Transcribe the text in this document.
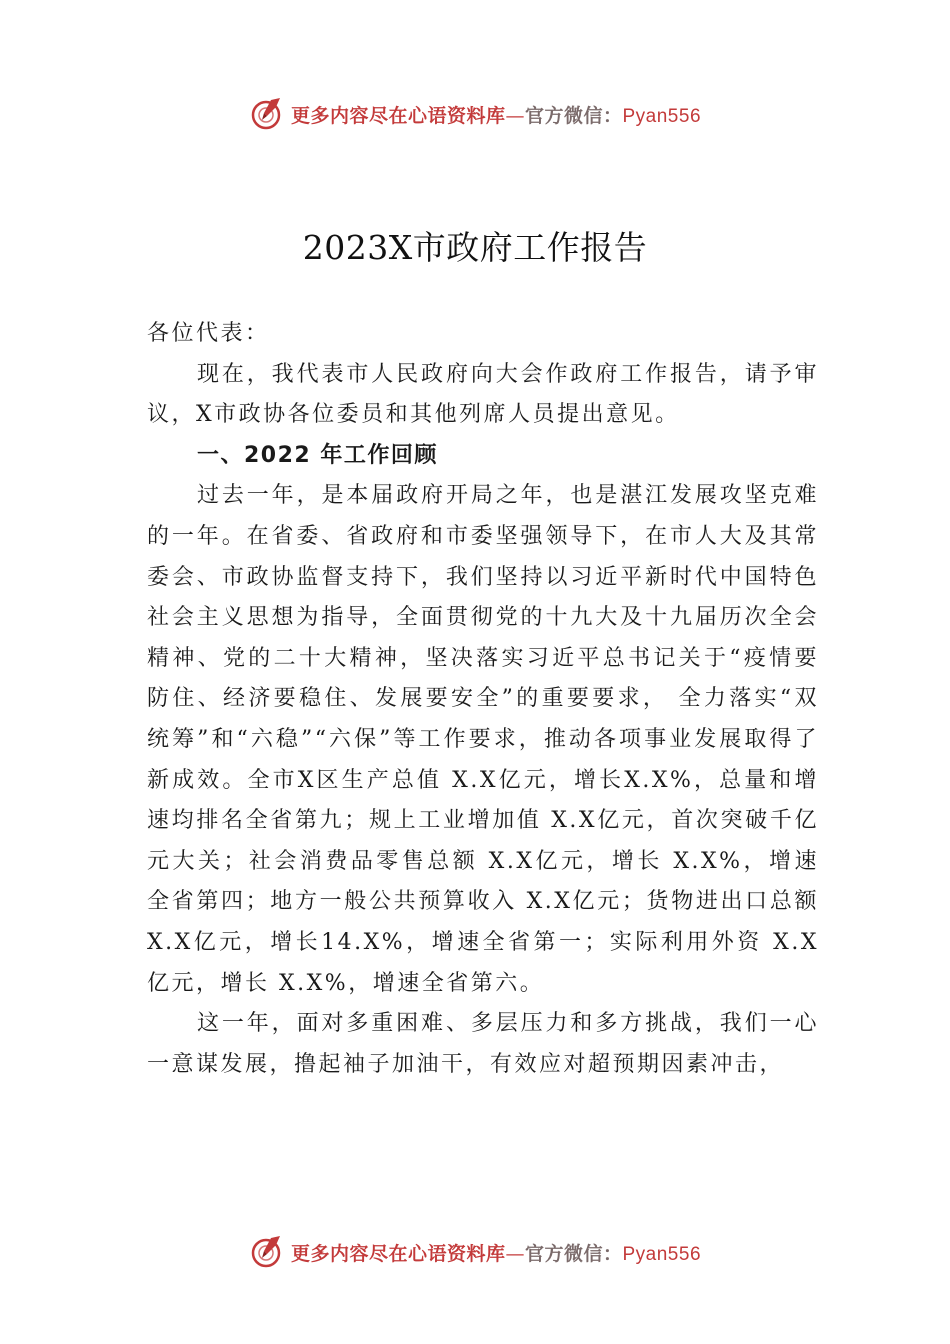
更多内容尽在心语资料库—官方微信：Pyan556
2023X市政府工作报告

各位代表：

现在，我代表市人民政府向大会作政府工作报告，请予审议，X市政协各位委员和其他列席人员提出意见。

一、2022 年工作回顾

过去一年，是本届政府开局之年，也是湛江发展攻坚克难的一年。在省委、省政府和市委坚强领导下，在市人大及其常委会、市政协监督支持下，我们坚持以习近平新时代中国特色社会主义思想为指导，全面贯彻党的十九大及十九届历次全会精神、党的二十大精神，坚决落实习近平总书记关于“疫情要防住、经济要稳住、发展要安全”的重要要求， 全力落实“双统筹”和“六稳”“六保”等工作要求，推动各项事业发展取得了新成效。全市X区生产总值 X.X亿元，增长X.X%，总量和增速均排名全省第九；规上工业增加值 X.X亿元，首次突破千亿元大关；社会消费品零售总额 X.X亿元，增长 X.X%，增速全省第四；地方一般公共预算收入 X.X亿元；货物进出口总额 X.X亿元，增长14.X%，增速全省第一；实际利用外资 X.X亿元，增长 X.X%，增速全省第六。

这一年，面对多重困难、多层压力和多方挑战，我们一心一意谋发展，撸起袖子加油干，有效应对超预期因素冲击，

更多内容尽在心语资料库—官方微信：Pyan556
